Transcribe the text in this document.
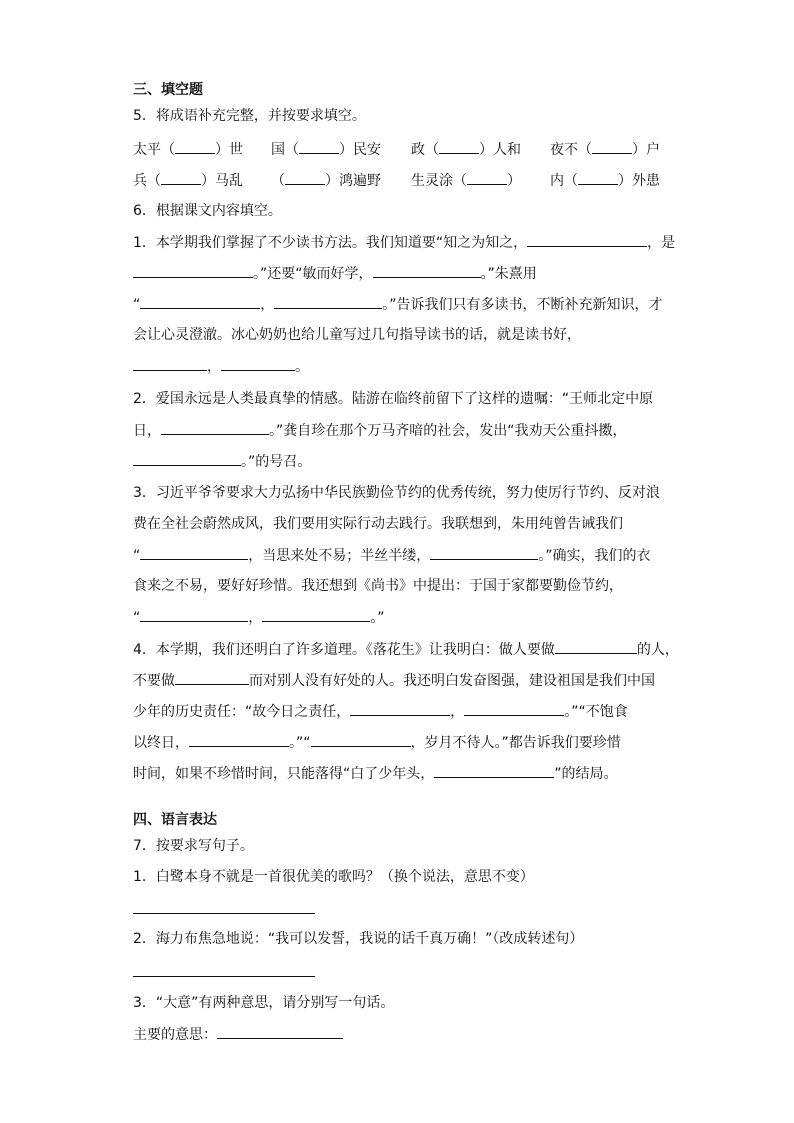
三、填空题
5．将成语补充完整，并按要求填空。
太平（	）世 国（	）民安 政（	）人和 夜不（	）户
兵（	）马乱 （	）鸿遍野 生灵涂（	） 内（	）外患
6．根据课文内容填空。
1．本学期我们掌握了不少读书方法。我们知道要“知之为知之，	，是
。”还要“敏而好学，	。”朱熹用
“	，	。”告诉我们只有多读书，不断补充新知识，才
会让心灵澄澈。冰心奶奶也给儿童写过几句指导读书的话，就是读书好，
，	。
2．爱国永远是人类最真挚的情感。陆游在临终前留下了这样的遗嘱：“王师北定中原
日，	。”龚自珍在那个万马齐喑的社会，发出“我劝天公重抖擞，
。”的号召。
3．习近平爷爷要求大力弘扬中华民族勤俭节约的优秀传统，努力使厉行节约、反对浪
费在全社会蔚然成风，我们要用实际行动去践行。我联想到，朱用纯曾告诫我们
“	，当思来处不易；半丝半缕，	。”确实，我们的衣
食来之不易，要好好珍惜。我还想到《尚书》中提出：于国于家都要勤俭节约，
“	，	。”
4．本学期，我们还明白了许多道理。《落花生》让我明白：做人要做	的人，
不要做	而对别人没有好处的人。我还明白发奋图强，建设祖国是我们中国
少年的历史责任：“故今日之责任，	，	。”“不饱食
以终日，	。”“	，岁月不待人。”都告诉我们要珍惜
时间，如果不珍惜时间，只能落得“白了少年头，	”的结局。
四、语言表达
7．按要求写句子。
1．白鹭本身不就是一首很优美的歌吗？（换个说法，意思不变）
2．海力布焦急地说：“我可以发誓，我说的话千真万确！”（改成转述句）
3．“大意”有两种意思，请分别写一句话。
主要的意思：
